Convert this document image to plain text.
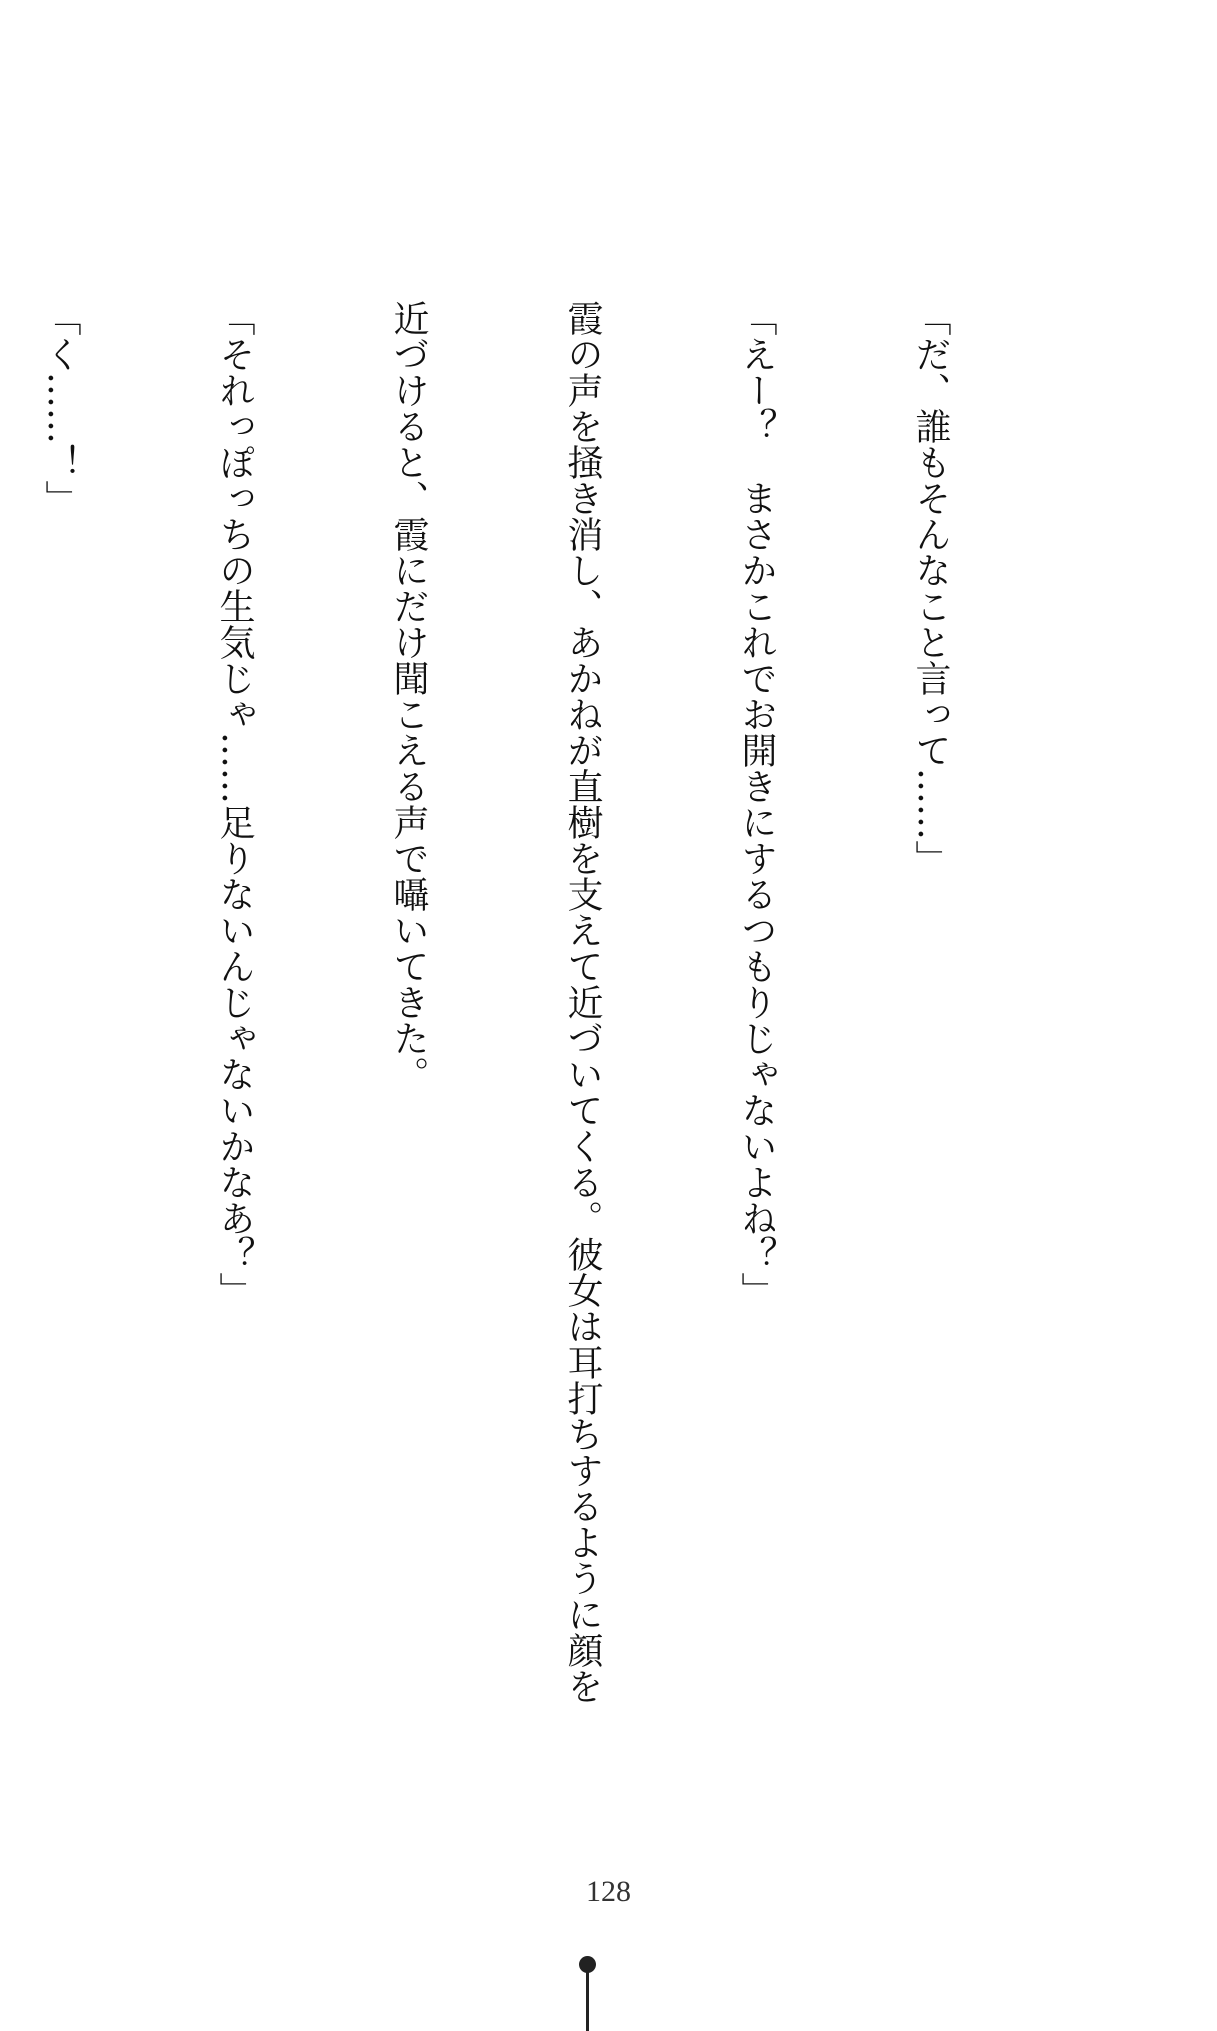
「だ、誰もそんなこと言って……」

「えー？　まさかこれでお開きにするつもりじゃないよね？」

霞の声を掻き消し、あかねが直樹を支えて近づいてくる。彼女は耳打ちするように顔を

近づけると、霞にだけ聞こえる声で囁いてきた。

「それっぽっちの生気じゃ……足りないんじゃないかなあ？」

「く……！」

128
